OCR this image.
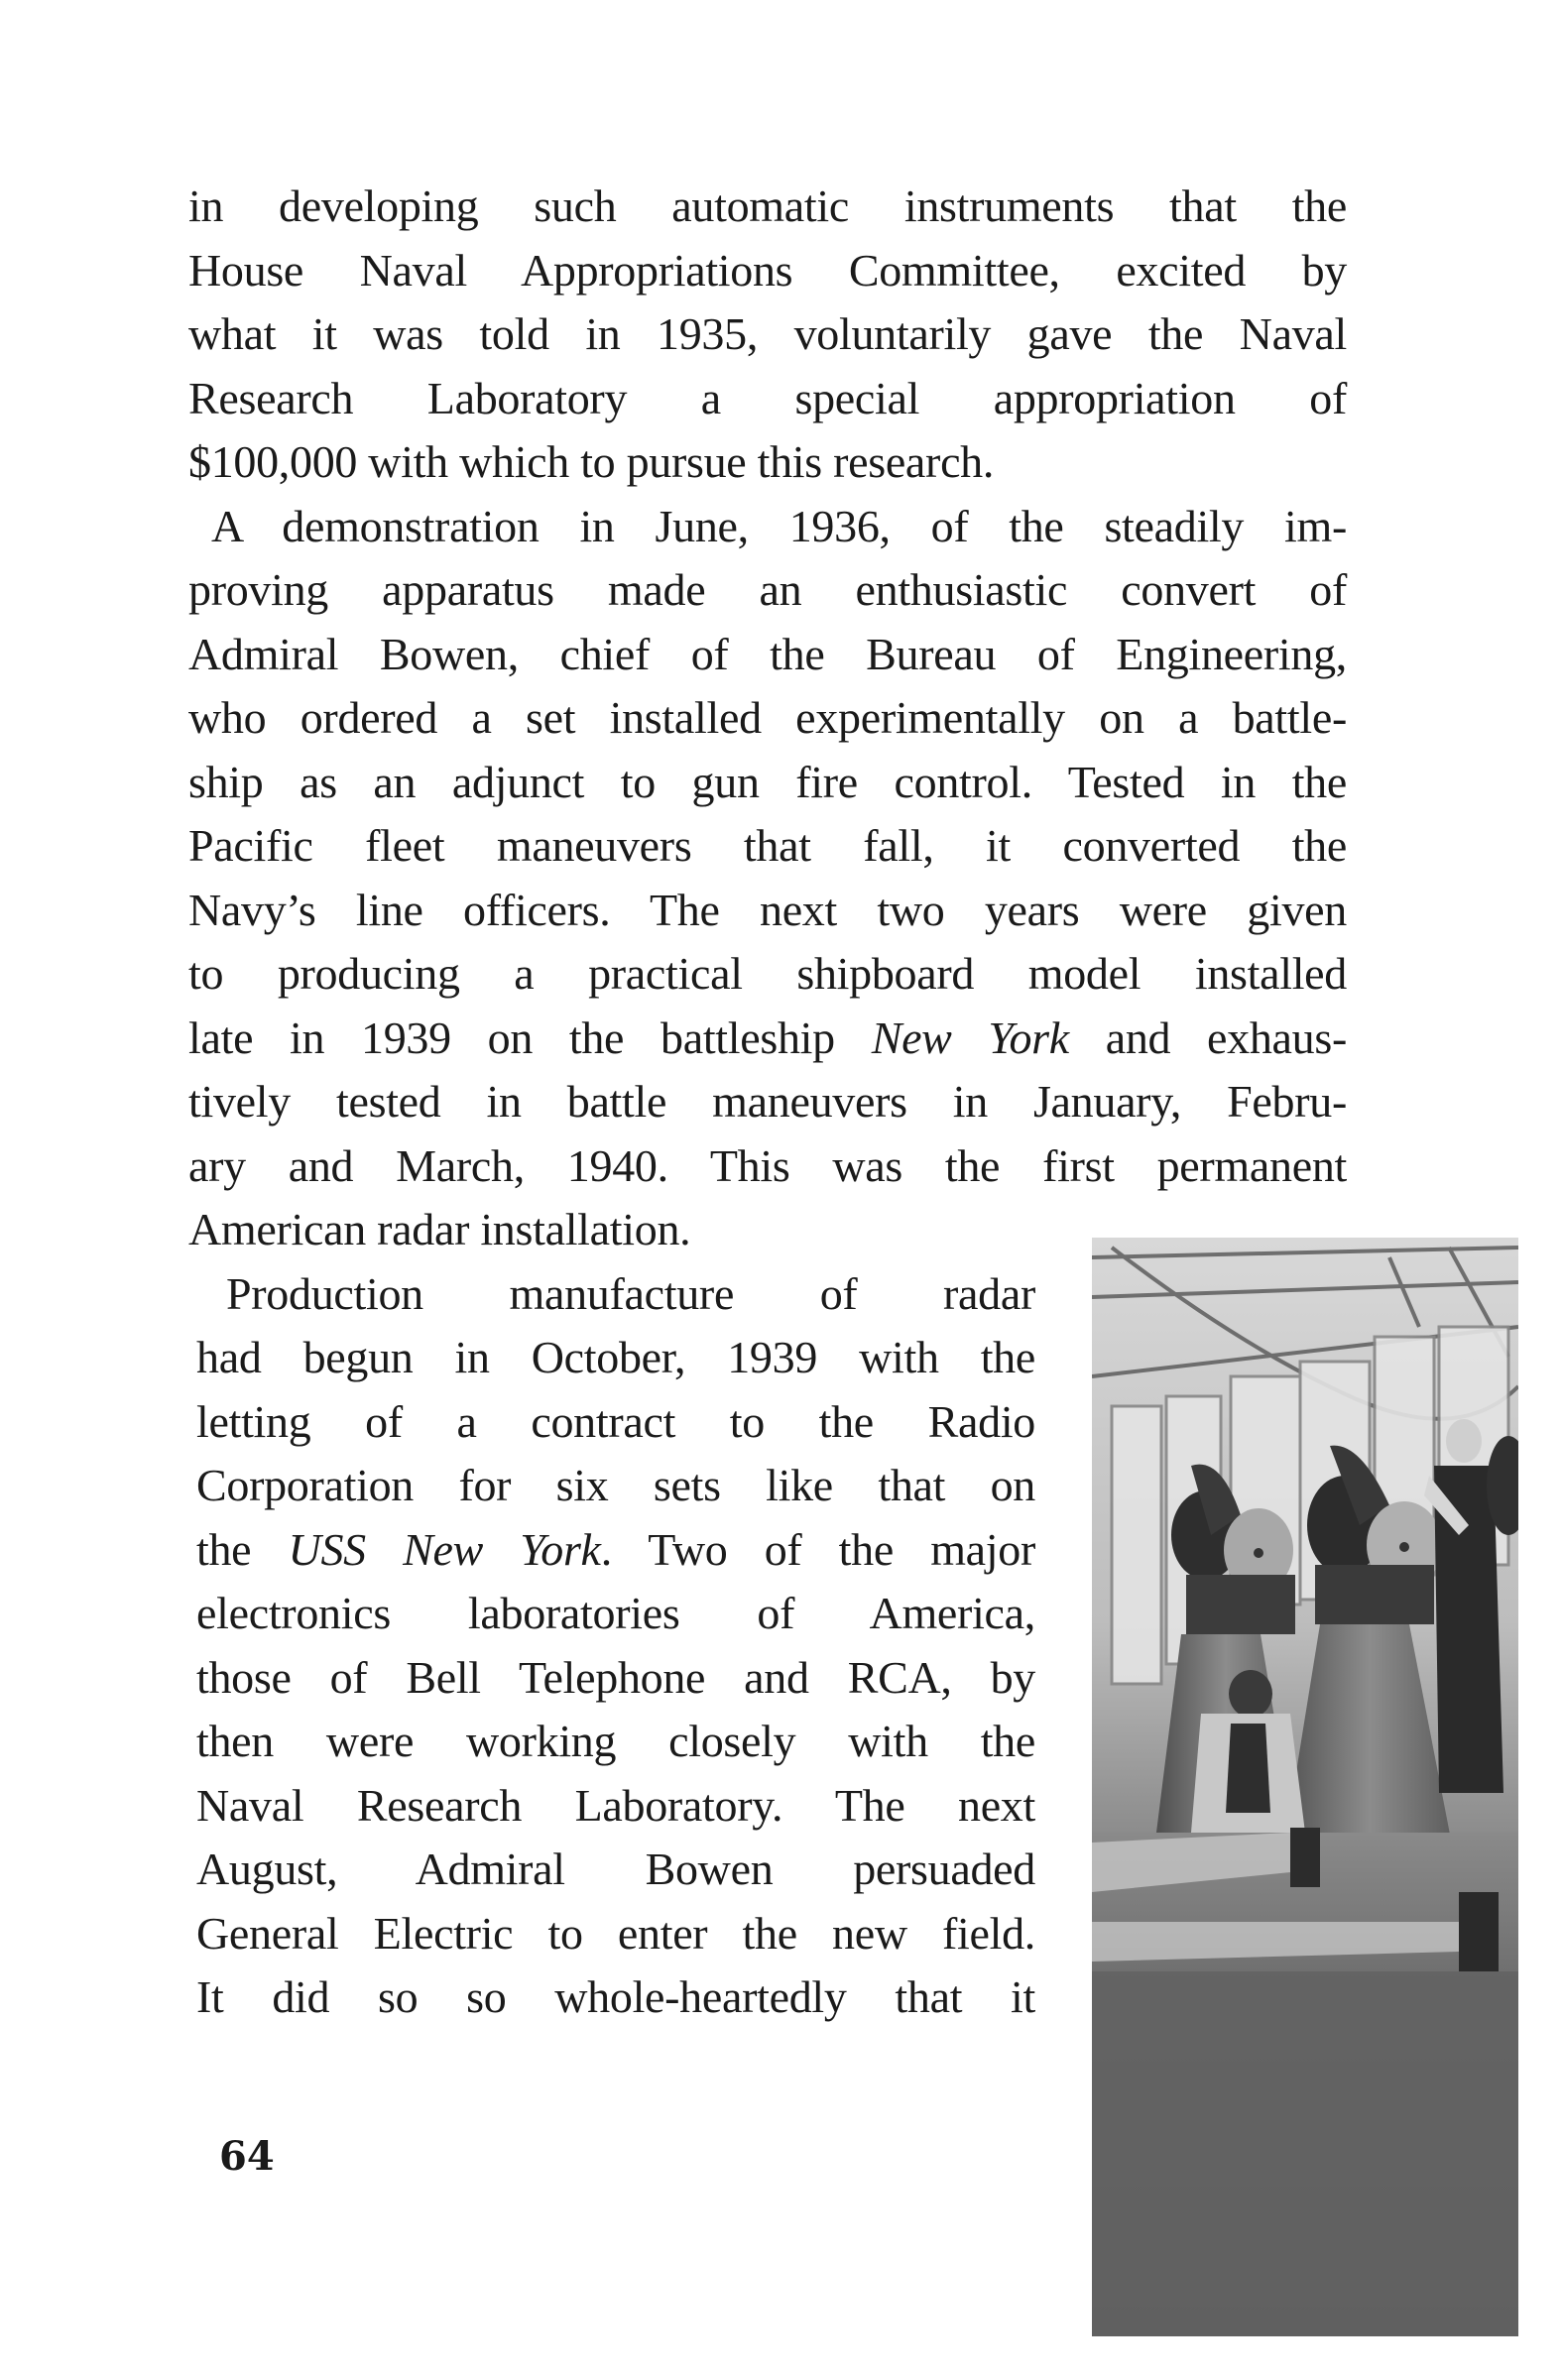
in developing such automatic instruments that the
House Naval Appropriations Committee, excited by
what it was told in 1935, voluntarily gave the Naval
Research Laboratory a special appropriation of
$100,000 with which to pursue this research.
A demonstration in June, 1936, of the steadily im-
proving apparatus made an enthusiastic convert of
Admiral Bowen, chief of the Bureau of Engineering,
who ordered a set installed experimentally on a battle-
ship as an adjunct to gun fire control. Tested in the
Pacific fleet maneuvers that fall, it converted the
Navy’s line officers. The next two years were given
to producing a practical shipboard model installed
late in 1939 on the battleship New York and exhaus-
tively tested in battle maneuvers in January, Febru-
ary and March, 1940. This was the first permanent
American radar installation.
Production manufacture of radar
had begun in October, 1939 with the
letting of a contract to the Radio
Corporation for six sets like that on
the USS New York. Two of the major
electronics laboratories of America,
those of Bell Telephone and RCA, by
then were working closely with the
Naval Research Laboratory. The next
August, Admiral Bowen persuaded
General Electric to enter the new field.
It did so so whole-heartedly that it
64
